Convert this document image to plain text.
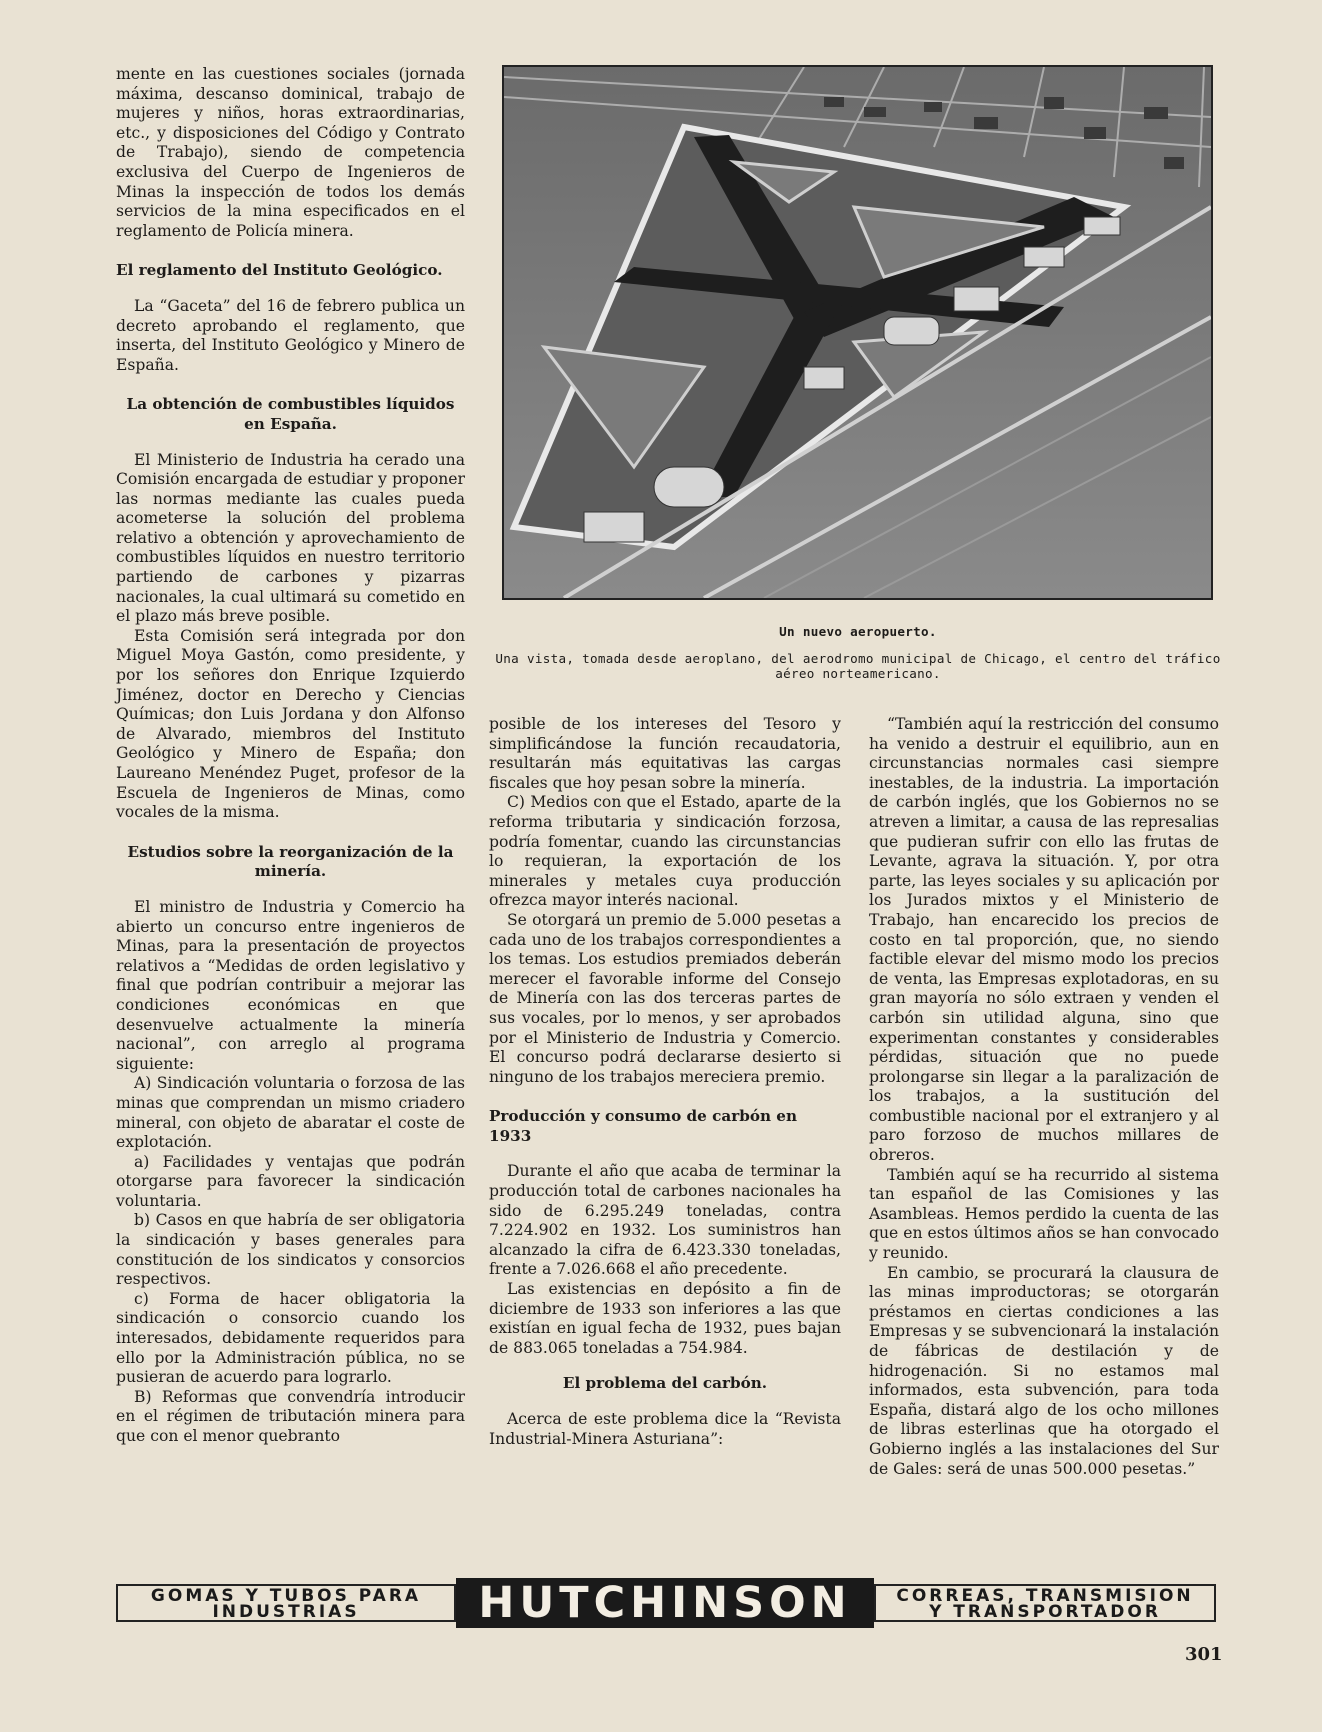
mente en las cuestiones sociales (jornada máxima, descanso dominical, trabajo de mujeres y niños, horas extraordinarias, etc., y disposiciones del Código y Contrato de Trabajo), siendo de competencia exclusiva del Cuerpo de Ingenieros de Minas la inspección de todos los demás servicios de la mina especificados en el reglamento de Policía minera.

El reglamento del Instituto Geológico.

La “Gaceta” del 16 de febrero publica un decreto aprobando el reglamento, que inserta, del Instituto Geológico y Minero de España.

La obtención de combustibles líquidos en España.

El Ministerio de Industria ha cerado una Comisión encargada de estudiar y proponer las normas mediante las cuales pueda acometerse la solución del problema relativo a obtención y aprovechamiento de combustibles líquidos en nuestro territorio partiendo de carbones y pizarras nacionales, la cual ultimará su cometido en el plazo más breve posible.

Esta Comisión será integrada por don Miguel Moya Gastón, como presidente, y por los señores don Enrique Izquierdo Jiménez, doctor en Derecho y Ciencias Químicas; don Luis Jordana y don Alfonso de Alvarado, miembros del Instituto Geológico y Minero de España; don Laureano Menéndez Puget, profesor de la Escuela de Ingenieros de Minas, como vocales de la misma.

Estudios sobre la reorganización de la minería.

El ministro de Industria y Comercio ha abierto un concurso entre ingenieros de Minas, para la presentación de proyectos relativos a “Medidas de orden legislativo y final que podrían contribuir a mejorar las condiciones económicas en que desenvuelve actualmente la minería nacional”, con arreglo al programa siguiente:

A) Sindicación voluntaria o forzosa de las minas que comprendan un mismo criadero mineral, con objeto de abaratar el coste de explotación.

a) Facilidades y ventajas que podrán otorgarse para favorecer la sindicación voluntaria.

b) Casos en que habría de ser obligatoria la sindicación y bases generales para constitución de los sindicatos y consorcios respectivos.

c) Forma de hacer obligatoria la sindicación o consorcio cuando los interesados, debidamente requeridos para ello por la Administración pública, no se pusieran de acuerdo para lograrlo.

B) Reformas que convendría introducir en el régimen de tributación minera para que con el menor quebranto

Un nuevo aeropuerto.
Una vista, tomada desde aeroplano, del aerodromo municipal de Chicago, el centro del tráfico aéreo norteamericano.

posible de los intereses del Tesoro y simplificándose la función recaudatoria, resultarán más equitativas las cargas fiscales que hoy pesan sobre la minería.

C) Medios con que el Estado, aparte de la reforma tributaria y sindicación forzosa, podría fomentar, cuando las circunstancias lo requieran, la exportación de los minerales y metales cuya producción ofrezca mayor interés nacional.

Se otorgará un premio de 5.000 pesetas a cada uno de los trabajos correspondientes a los temas. Los estudios premiados deberán merecer el favorable informe del Consejo de Minería con las dos terceras partes de sus vocales, por lo menos, y ser aprobados por el Ministerio de Industria y Comercio. El concurso podrá declararse desierto si ninguno de los trabajos mereciera premio.

Producción y consumo de carbón en 1933

Durante el año que acaba de terminar la producción total de carbones nacionales ha sido de 6.295.249 toneladas, contra 7.224.902 en 1932. Los suministros han alcanzado la cifra de 6.423.330 toneladas, frente a 7.026.668 el año precedente.

Las existencias en depósito a fin de diciembre de 1933 son inferiores a las que existían en igual fecha de 1932, pues bajan de 883.065 toneladas a 754.984.

El problema del carbón.

Acerca de este problema dice la “Revista Industrial-Minera Asturiana”:

“También aquí la restricción del consumo ha venido a destruir el equilibrio, aun en circunstancias normales casi siempre inestables, de la industria. La importación de carbón inglés, que los Gobiernos no se atreven a limitar, a causa de las represalias que pudieran sufrir con ello las frutas de Levante, agrava la situación. Y, por otra parte, las leyes sociales y su aplicación por los Jurados mixtos y el Ministerio de Trabajo, han encarecido los precios de costo en tal proporción, que, no siendo factible elevar del mismo modo los precios de venta, las Empresas explotadoras, en su gran mayoría no sólo extraen y venden el carbón sin utilidad alguna, sino que experimentan constantes y considerables pérdidas, situación que no puede prolongarse sin llegar a la paralización de los trabajos, a la sustitución del combustible nacional por el extranjero y al paro forzoso de muchos millares de obreros.

También aquí se ha recurrido al sistema tan español de las Comisiones y las Asambleas. Hemos perdido la cuenta de las que en estos últimos años se han convocado y reunido.

En cambio, se procurará la clausura de las minas improductoras; se otorgarán préstamos en ciertas condiciones a las Empresas y se subvencionará la instalación de fábricas de destilación y de hidrogenación. Si no estamos mal informados, esta subvención, para toda España, distará algo de los ocho millones de libras esterlinas que ha otorgado el Gobierno inglés a las instalaciones del Sur de Gales: será de unas 500.000 pesetas.”

GOMAS Y TUBOS PARA
INDUSTRIAS	HUTCHINSON	CORREAS, TRANSMISION
Y TRANSPORTADOR
301
